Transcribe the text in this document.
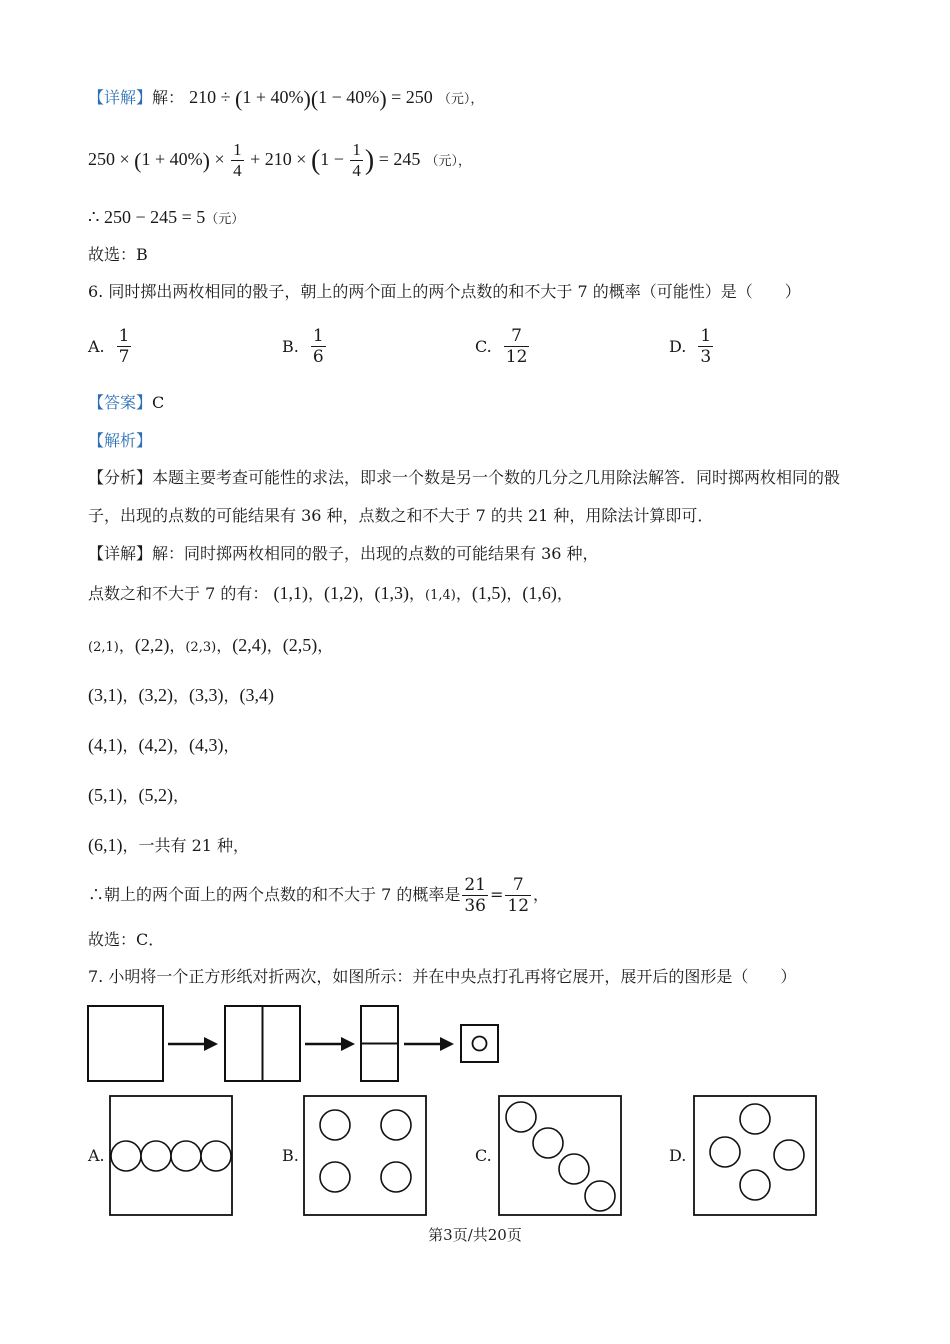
【详解】解： 210 ÷ (1 + 40%)(1 − 40%) = 250 （元），
$250 \times (1 + 40\%) \times \frac{1}{4} + 210 \times (1 - \frac{1}{4}$ ) = 245 （元），
∴ 250 − 245 = 5（元）
故选：B
6. 同时掷出两枚相同的骰子，朝上的两个面上的两个点数的和不大于 7 的概率（可能性）是（　　）
A. $\frac{1}{7}$	B. $\frac{1}{6}$	C. $\frac{7}{12}$	D. $\frac{1}{3}$
【答案】C
【解析】
【分析】本题主要考查可能性的求法，即求一个数是另一个数的几分之几用除法解答．同时掷两枚相同的骰
子，出现的点数的可能结果有 36 种，点数之和不大于 7 的共 21 种，用除法计算即可．
【详解】解：同时掷两枚相同的骰子，出现的点数的可能结果有 36 种，
点数之和不大于 7 的有： (1,1)，(1,2)，(1,3)，(1,4)，(1,5)，(1,6)，
(2,1)，(2,2)，(2,3)，(2,4)，(2,5)，
(3,1)，(3,2)，(3,3)，(3,4)
(4,1)，(4,2)，(4,3)，
(5,1)，(5,2)，
(6,1)，一共有 21 种，
∴朝上的两个面上的两个点数的和不大于 7 的概率是 $\frac{21}{36} = \frac{7}{12}$ ，
故选：C．
7. 小明将一个正方形纸对折两次，如图所示：并在中央点打孔再将它展开，展开后的图形是（　　）
A.	B.	C.	D.
第3页/共20页
